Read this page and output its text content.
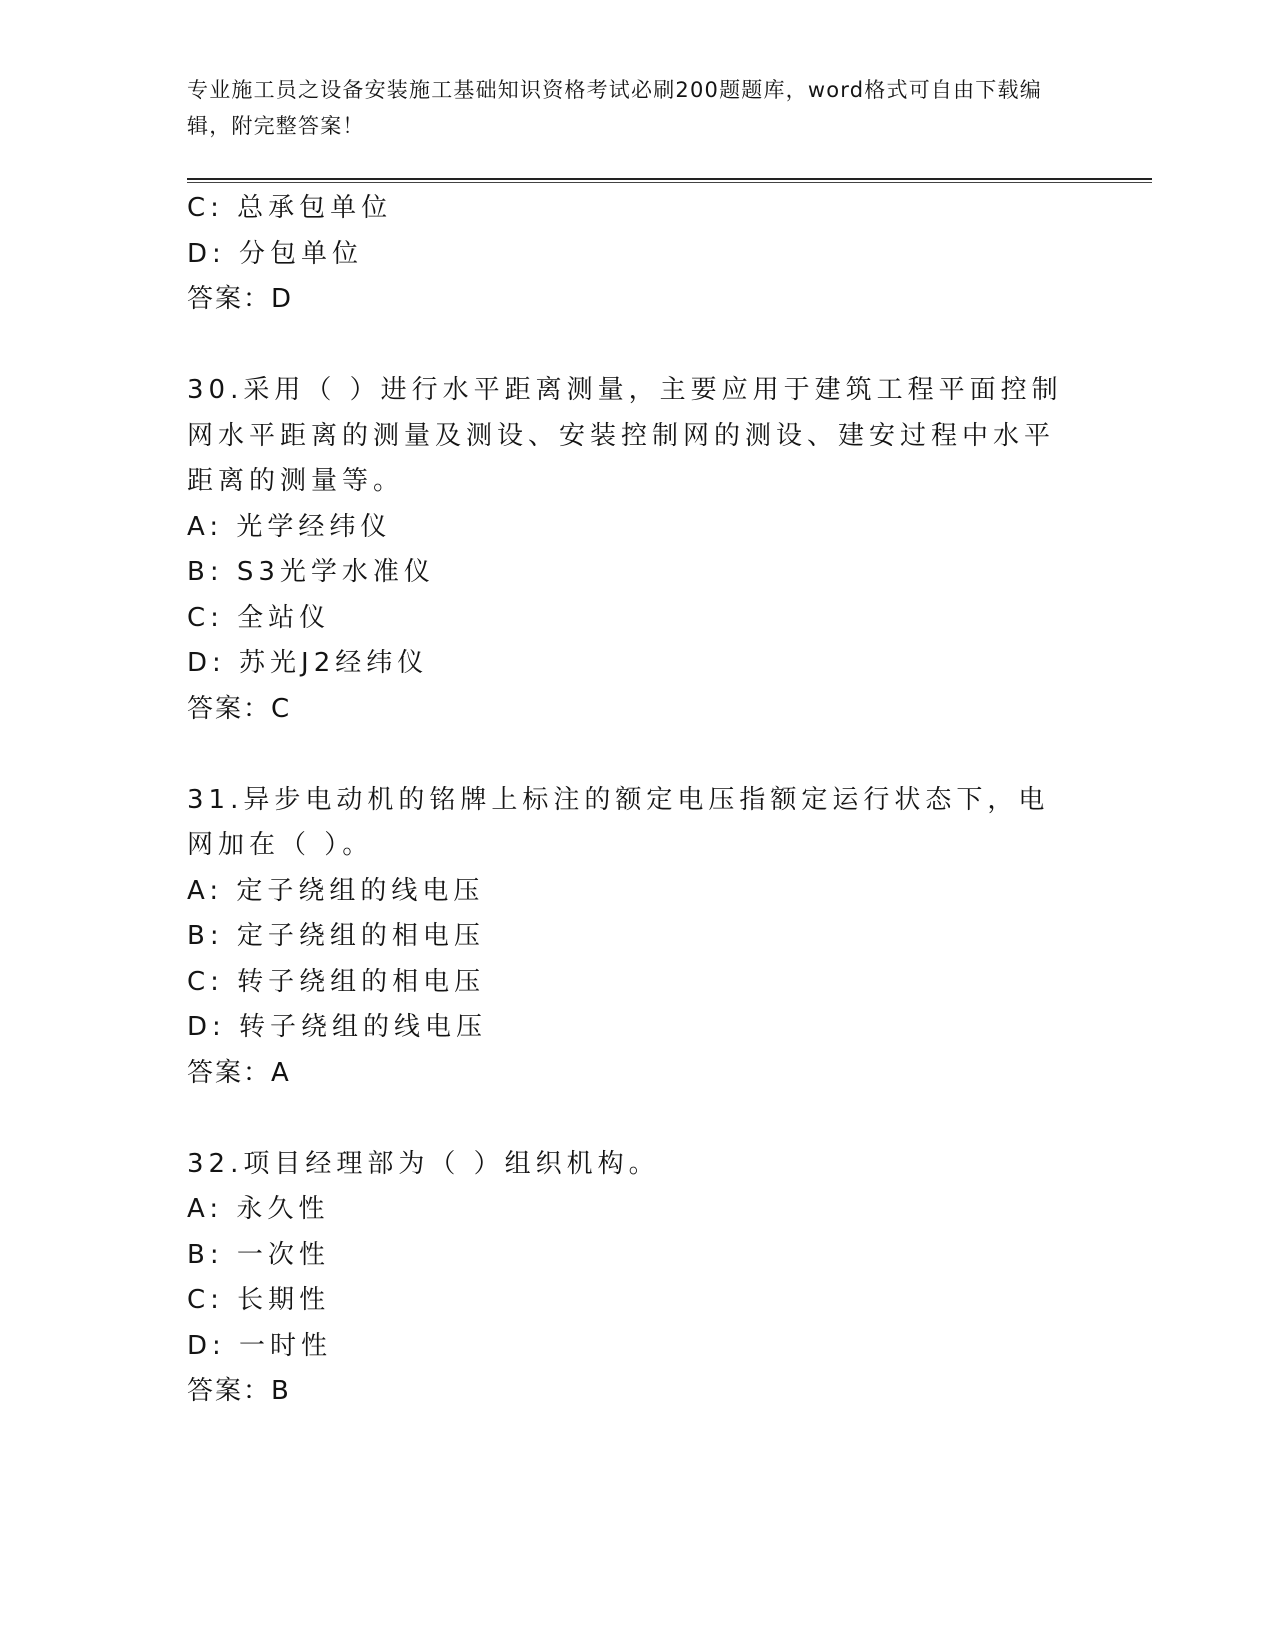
专业施工员之设备安装施工基础知识资格考试必刷200题题库，word格式可自由下载编辑，附完整答案！
C: 总承包单位
D: 分包单位
答案：D
30.采用（ ）进行水平距离测量，主要应用于建筑工程平面控制网水平距离的测量及测设、安装控制网的测设、建安过程中水平距离的测量等。
A: 光学经纬仪
B: S3光学水准仪
C: 全站仪
D: 苏光J2经纬仪
答案：C
31.异步电动机的铭牌上标注的额定电压指额定运行状态下，电网加在（ ）。
A: 定子绕组的线电压
B: 定子绕组的相电压
C: 转子绕组的相电压
D: 转子绕组的线电压
答案：A
32.项目经理部为（ ）组织机构。
A: 永久性
B: 一次性
C: 长期性
D: 一时性
答案：B
